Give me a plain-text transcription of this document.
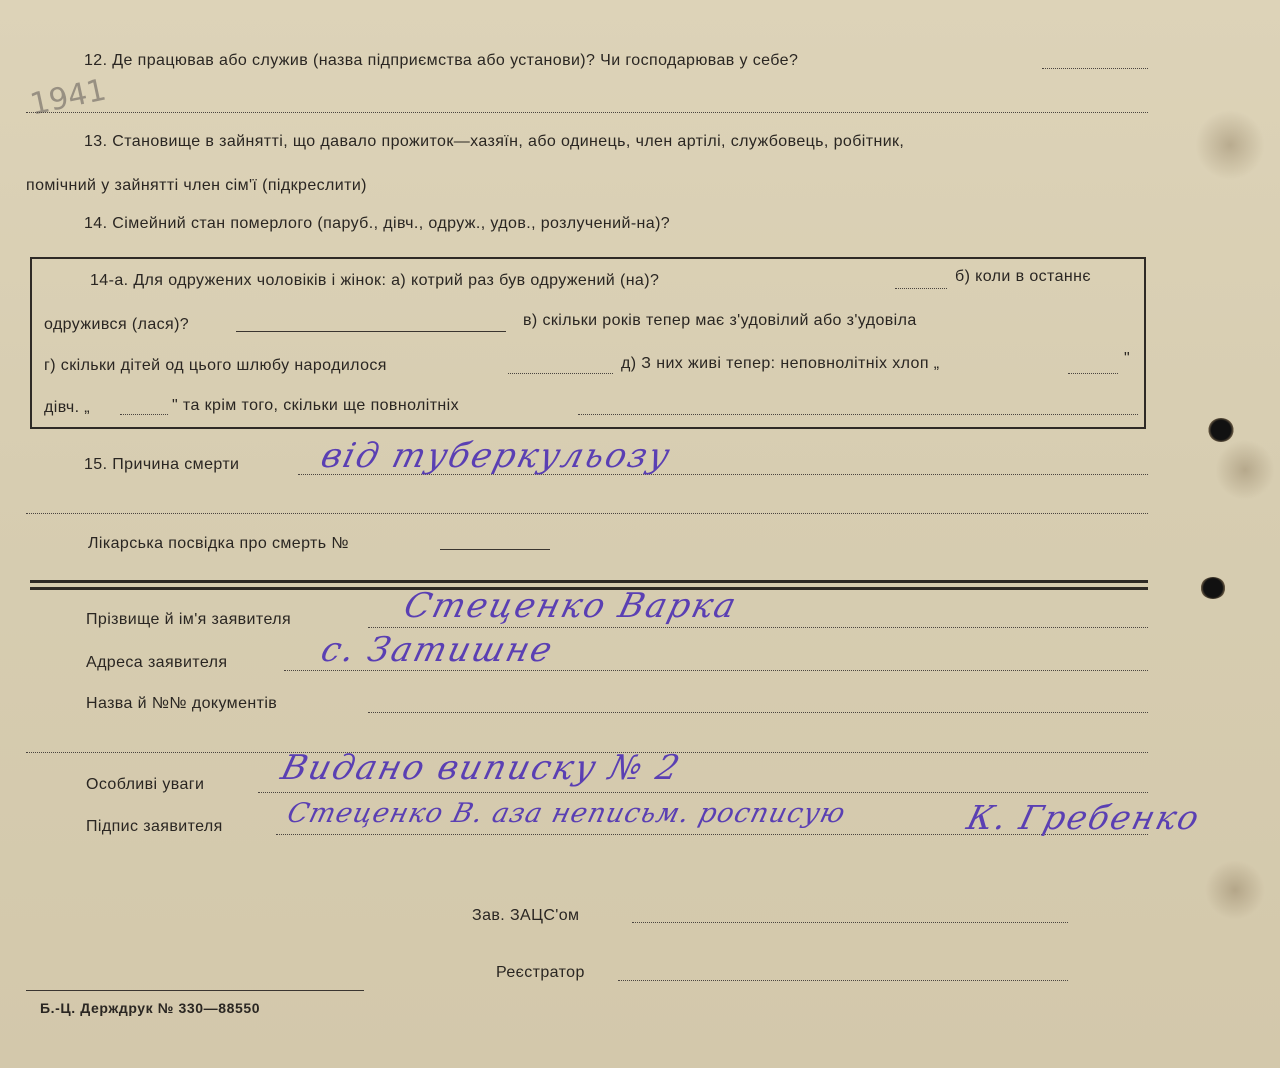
1941
12. Де працював або служив (назва підприємства або установи)? Чи господарював у себе?
13. Становище в зайнятті, що давало прожиток—хазяїн, або одинець, член артілі, службовець, робітник,
помічний у зайнятті член сім'ї (підкреслити)
14. Сімейний стан померлого (паруб., дівч., одруж., удов., розлучений-на)?
14-а. Для одружених чоловіків і жінок: а) котрий раз був одружений (на)?	б) коли в останнє
одружився (лася)?	в) скільки років тепер має з'удовілий або з'удовіла
г) скільки дітей од цього шлюбу народилося	д) З них живі тепер: неповнолітніх хлоп „	"
дівч. „	" та крім того, скільки ще повнолітніх
15. Причина смерти від туберкульозу
Лікарська посвідка про смерть №
Прізвище й ім'я заявителя	Стеценко Варка
Адреса заявителя	с. Затишне
Назва й №№ документів
Особливі уваги Видано виписку № 2
Підпис заявителя Стеценко В. аза неписьм. росписую	К. Гребенко
Зав. ЗАЦС'ом
Реєстратор
Б.-Ц. Держдрук № 330—88550
